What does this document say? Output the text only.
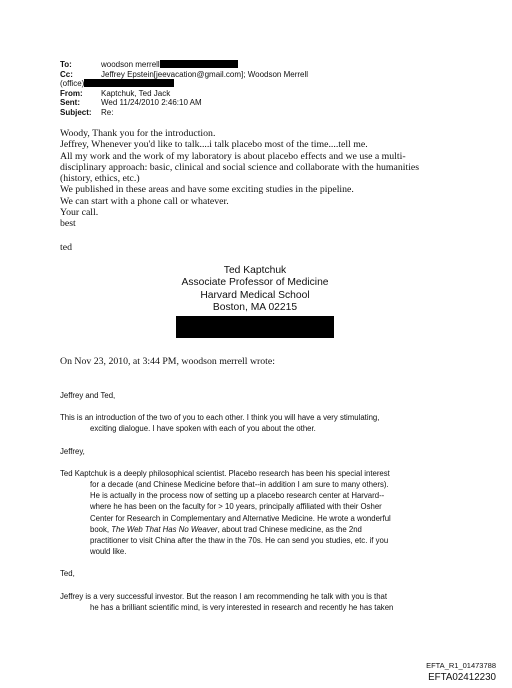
To:	woodson merrell
Cc:	Jeffrey Epstein[jeevacation@gmail.com]; Woodson Merrell
(office)
From:	Kaptchuk, Ted Jack
Sent:	Wed 11/24/2010 2:46:10 AM
Subject:	Re:
Woody, Thank you for the introduction.
Jeffrey, Whenever you'd like to talk....i talk placebo most of the time....tell me.
All my work and the work of my laboratory is about placebo effects and we use a multi-
disciplinary approach: basic, clinical and social science and collaborate with the humanities
(history, ethics, etc.)
We published in these areas and have some exciting studies in the pipeline.
We can start with a phone call or whatever.
Your call.
best
ted
Ted Kaptchuk
Associate Professor of Medicine
Harvard Medical School
Boston, MA 02215
On Nov 23, 2010, at 3:44 PM, woodson merrell wrote:
Jeffrey and Ted,
This is an introduction of the two of you to each other. I think you will have a very stimulating,
exciting dialogue. I have spoken with each of you about the other.
Jeffrey,
Ted Kaptchuk is a deeply philosophical scientist. Placebo research has been his special interest
for a decade (and Chinese Medicine before that--in addition I am sure to many others).
He is actually in the process now of setting up a placebo research center at Harvard--
where he has been on the faculty for > 10 years, principally affiliated with their Osher
Center for Research in Complementary and Alternative Medicine. He wrote a wonderful
book, The Web That Has No Weaver, about trad Chinese medicine, as the 2nd
practitioner to visit China after the thaw in the 70s. He can send you studies, etc. if you
would like.
Ted,
Jeffrey is a very successful investor. But the reason I am recommending he talk with you is that
he has a brilliant scientific mind, is very interested in research and recently he has taken
EFTA_R1_01473788
EFTA02412230
